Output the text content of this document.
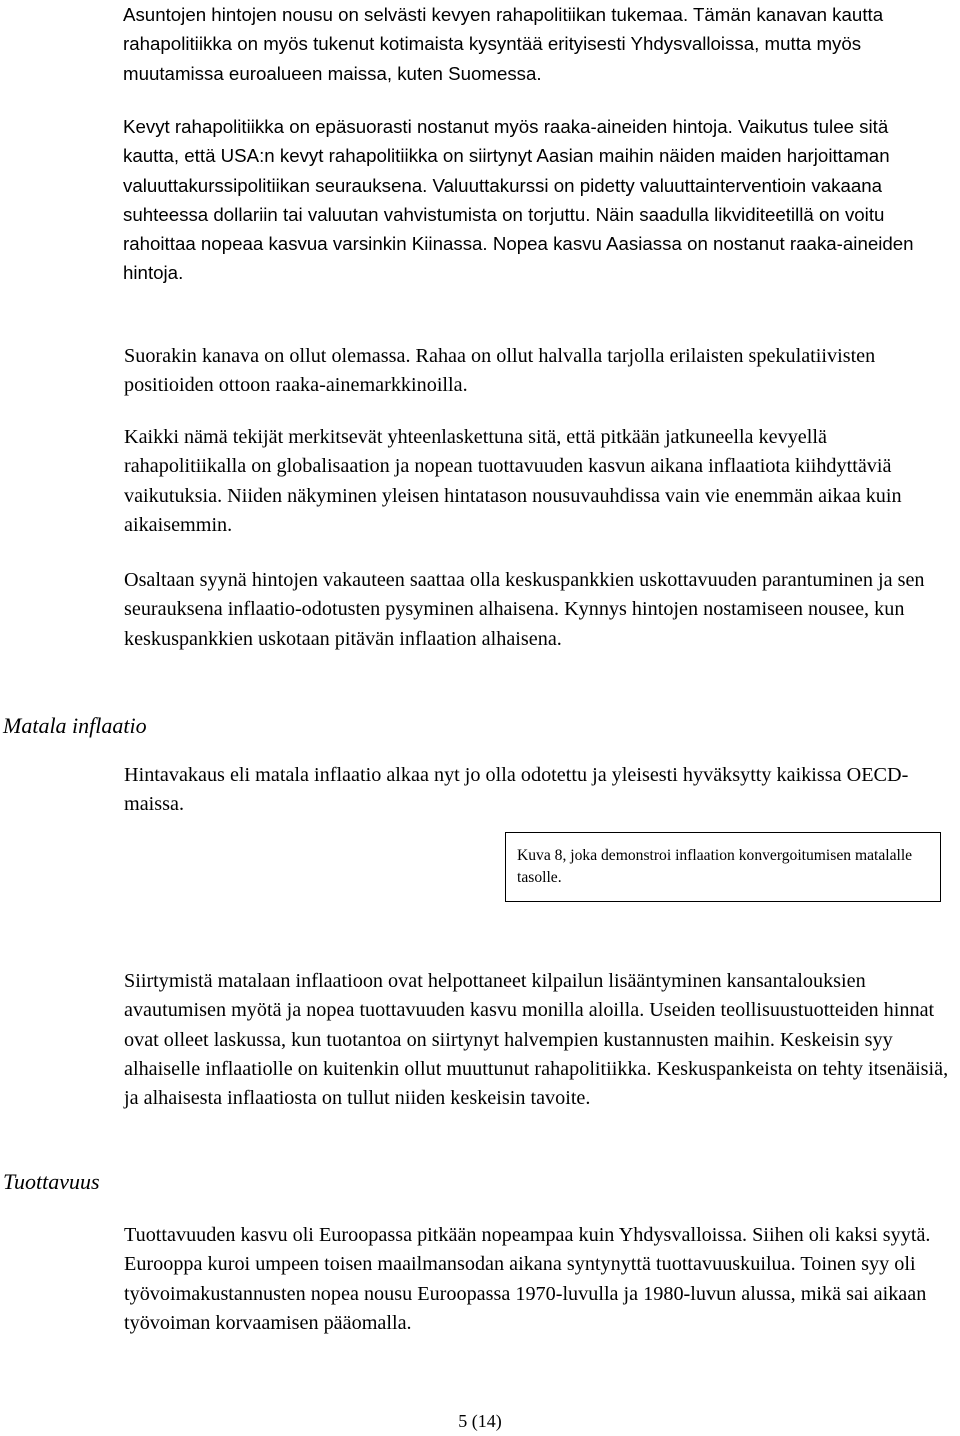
Asuntojen hintojen nousu on selvästi kevyen rahapolitiikan tukemaa. Tämän kanavan kautta rahapolitiikka on myös tukenut kotimaista kysyntää erityisesti Yhdysvalloissa, mutta myös muutamissa euroalueen maissa, kuten Suomessa.

Kevyt rahapolitiikka on epäsuorasti nostanut myös raaka-aineiden hintoja. Vaikutus tulee sitä kautta, että USA:n kevyt rahapolitiikka on siirtynyt Aasian maihin näiden maiden harjoittaman valuuttakurssipolitiikan seurauksena. Valuuttakurssi on pidetty valuuttainterventioin vakaana suhteessa dollariin tai valuutan vahvistumista on torjuttu. Näin saadulla likviditeetillä on voitu rahoittaa nopeaa kasvua varsinkin Kiinassa. Nopea kasvu Aasiassa on nostanut raaka-aineiden hintoja.

Suorakin kanava on ollut olemassa. Rahaa on ollut halvalla tarjolla erilaisten spekulatiivisten positioiden ottoon raaka-ainemarkkinoilla.

Kaikki nämä tekijät merkitsevät yhteenlaskettuna sitä, että pitkään jatkuneella kevyellä rahapolitiikalla on globalisaation ja nopean tuottavuuden kasvun aikana inflaatiota kiihdyttäviä vaikutuksia. Niiden näkyminen yleisen hintatason nousuvauhdissa vain vie enemmän aikaa kuin aikaisemmin.

Osaltaan syynä hintojen vakauteen saattaa olla keskuspankkien uskottavuuden parantuminen ja sen seurauksena inflaatio-odotusten pysyminen alhaisena. Kynnys hintojen nostamiseen nousee, kun keskuspankkien uskotaan pitävän inflaation alhaisena.

Matala inflaatio

Hintavakaus eli matala inflaatio alkaa nyt jo olla odotettu ja yleisesti hyväksytty kaikissa OECD-maissa.

Kuva 8, joka demonstroi inflaation konvergoitumisen matalalle tasolle.

Siirtymistä matalaan inflaatioon ovat helpottaneet kilpailun lisääntyminen kansantalouksien avautumisen myötä ja nopea tuottavuuden kasvu monilla aloilla. Useiden teollisuustuotteiden hinnat ovat olleet laskussa, kun tuotantoa on siirtynyt halvempien kustannusten maihin. Keskeisin syy alhaiselle inflaatiolle on kuitenkin ollut muuttunut rahapolitiikka. Keskuspankeista on tehty itsenäisiä, ja alhaisesta inflaatiosta on tullut niiden keskeisin tavoite.

Tuottavuus

Tuottavuuden kasvu oli Euroopassa pitkään nopeampaa kuin Yhdysvalloissa. Siihen oli kaksi syytä. Eurooppa kuroi umpeen toisen maailmansodan aikana syntynyttä tuottavuuskuilua. Toinen syy oli työvoimakustannusten nopea nousu Euroopassa 1970-luvulla ja 1980-luvun alussa, mikä sai aikaan työvoiman korvaamisen pääomalla.

5 (14)
